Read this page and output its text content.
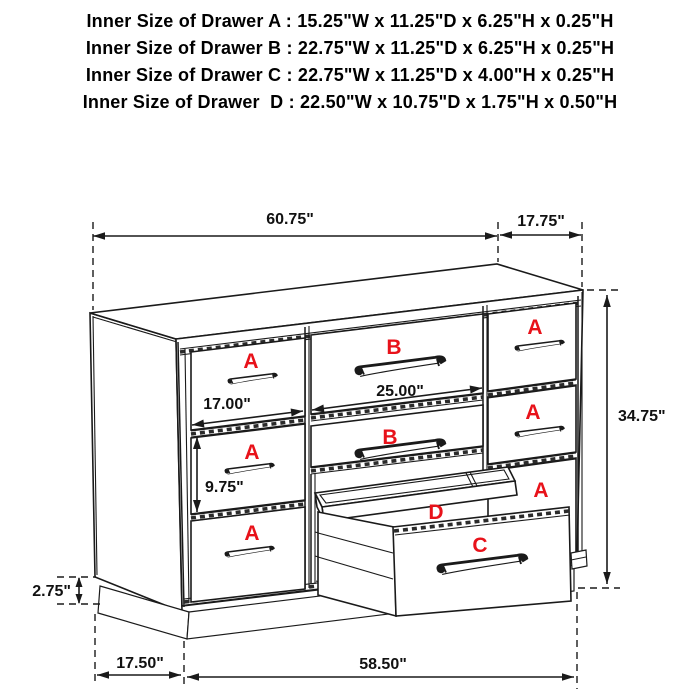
Inner Size of Drawer A : 15.25"W x 11.25"D x 6.25"H x 0.25"H
Inner Size of Drawer B : 22.75"W x 11.25"D x 6.25"H x 0.25"H
Inner Size of Drawer C : 22.75"W x 11.25"D x 4.00"H x 0.25"H
Inner Size of Drawer  D : 22.50"W x 10.75"D x 1.75"H x 0.50"H
60.75"	17.75"
17.00"
25.00"
9.75"
34.75"
2.75"
17.50"	58.50"
A
A
A
B
B
A
A
A
D
C
